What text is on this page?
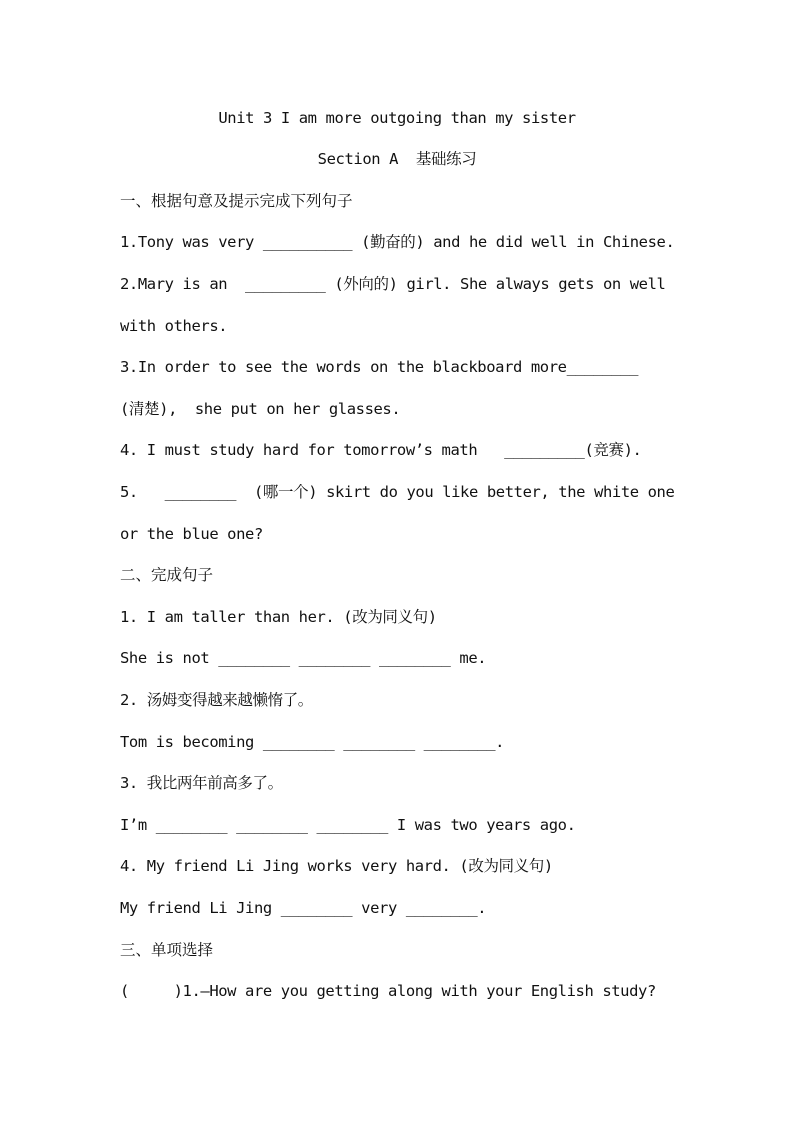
Unit 3 I am more outgoing than my sister
Section A  基础练习
一、根据句意及提示完成下列句子
1.Tony was very __________ (勤奋的) and he did well in Chinese.
2.Mary is an  _________ (外向的) girl. She always gets on well
with others.
3.In order to see the words on the blackboard more________
(清楚),  she put on her glasses.
4. I must study hard for tomorrow’s math   _________(竞赛).
5.   ________  (哪一个) skirt do you like better, the white one
or the blue one?
二、完成句子
1. I am taller than her. (改为同义句)
She is not ________ ________ ________ me.
2. 汤姆变得越来越懒惰了。
Tom is becoming ________ ________ ________.
3. 我比两年前高多了。
I’m ________ ________ ________ I was two years ago.
4. My friend Li Jing works very hard. (改为同义句)
My friend Li Jing ________ very ________.
三、单项选择
(     )1.–How are you getting along with your English study?
